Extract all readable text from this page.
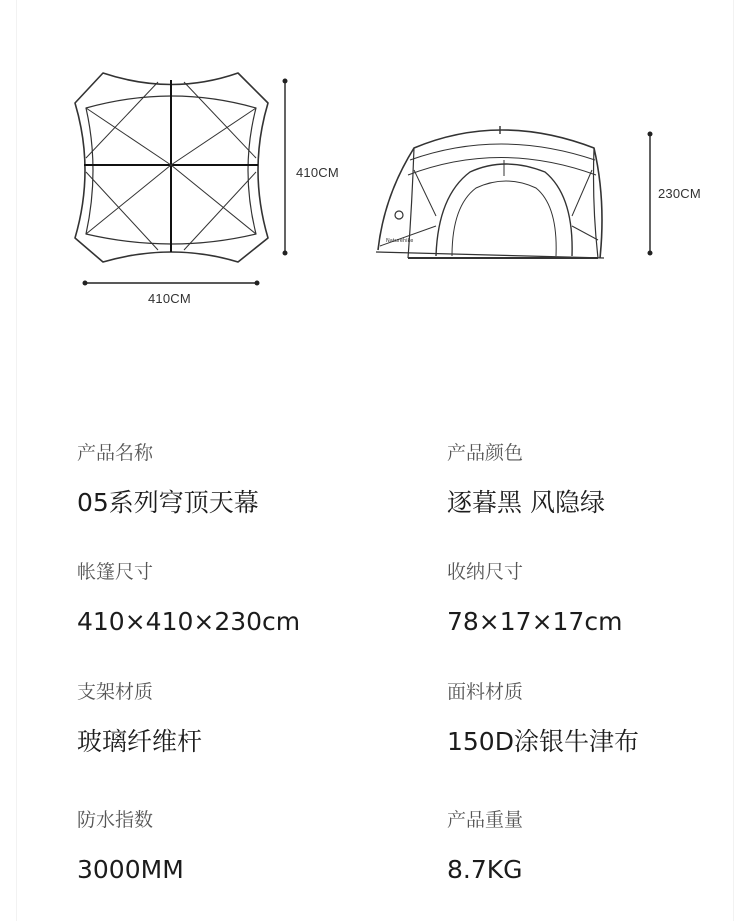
Naturehike
410CM
410CM
230CM
产品名称
05系列穹顶天幕
产品颜色
逐暮黑 风隐绿
帐篷尺寸
410×410×230cm
收纳尺寸
78×17×17cm
支架材质
玻璃纤维杆
面料材质
150D涂银牛津布
防水指数
3000MM
产品重量
8.7KG
